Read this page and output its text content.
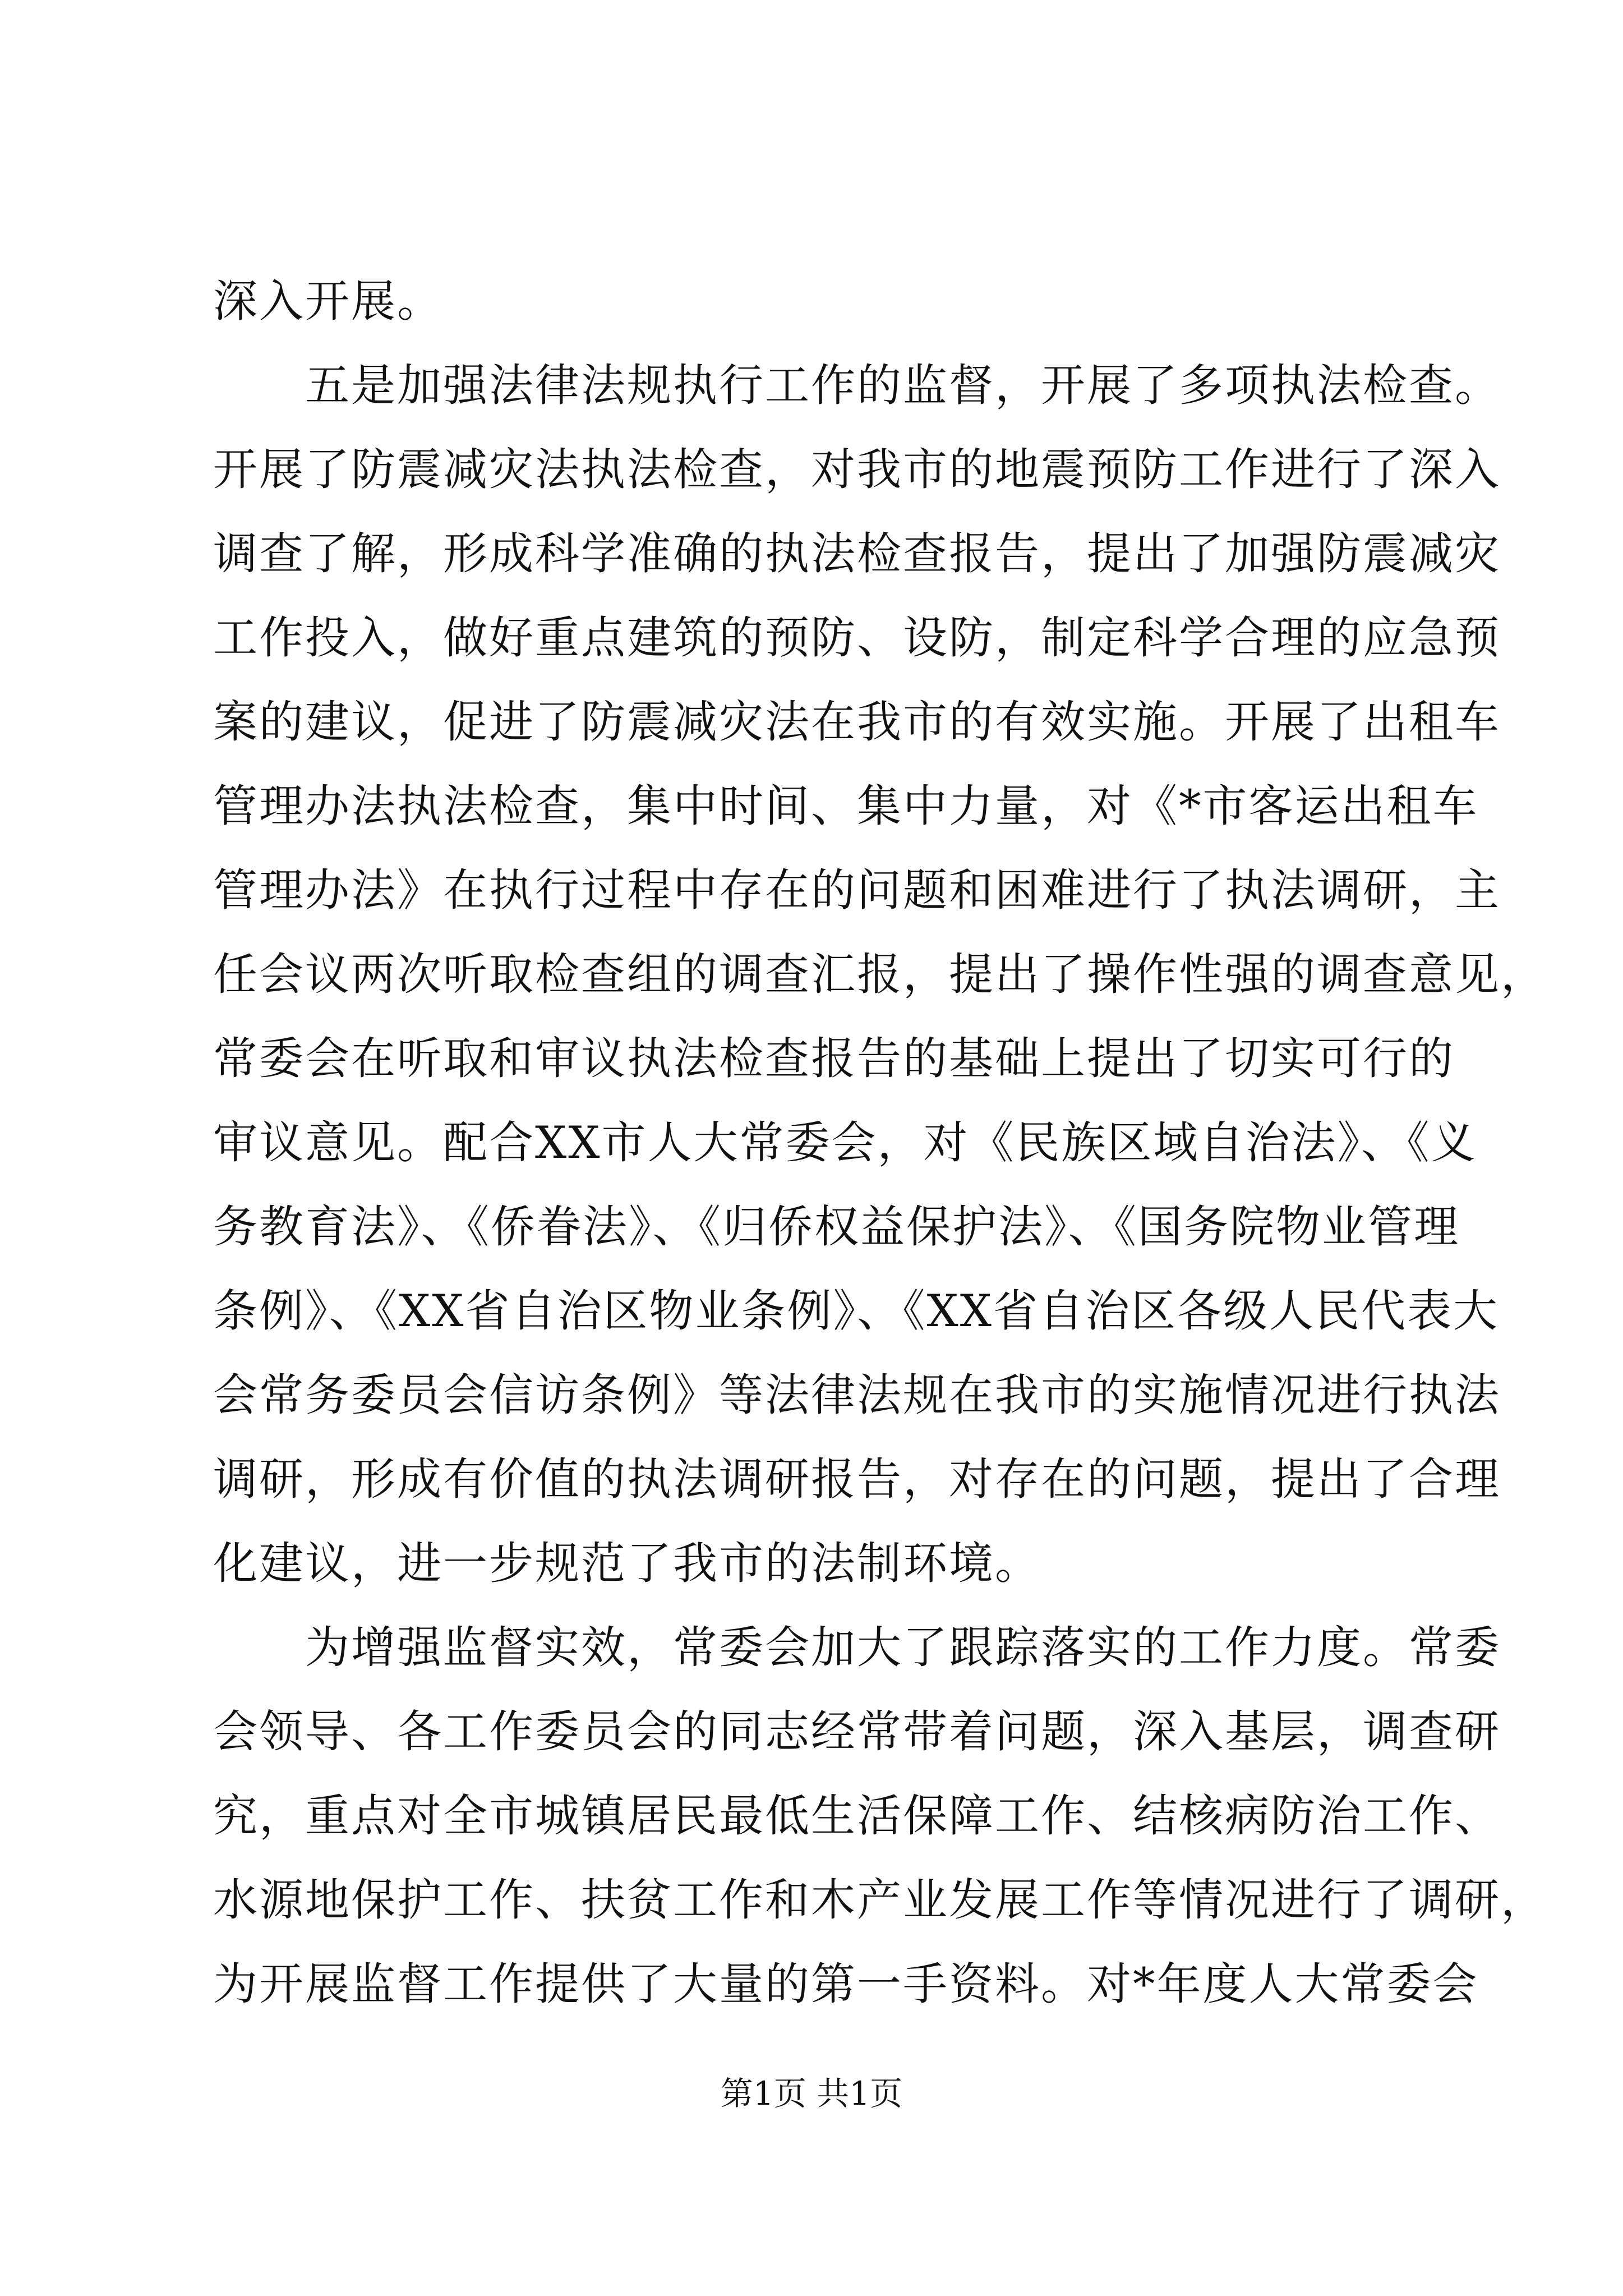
深入开展。
五是加强法律法规执行工作的监督，开展了多项执法检查。
开展了防震减灾法执法检查，对我市的地震预防工作进行了深入
调查了解，形成科学准确的执法检查报告，提出了加强防震减灾
工作投入，做好重点建筑的预防、设防，制定科学合理的应急预
案的建议，促进了防震减灾法在我市的有效实施。开展了出租车
管理办法执法检查，集中时间、集中力量，对《*市客运出租车
管理办法》在执行过程中存在的问题和困难进行了执法调研，主
任会议两次听取检查组的调查汇报，提出了操作性强的调查意见，
常委会在听取和审议执法检查报告的基础上提出了切实可行的
审议意见。配合XX市人大常委会，对《民族区域自治法》、《义
务教育法》、《侨眷法》、《归侨权益保护法》、《国务院物业管理
条例》、《XX省自治区物业条例》、《XX省自治区各级人民代表大
会常务委员会信访条例》等法律法规在我市的实施情况进行执法
调研，形成有价值的执法调研报告，对存在的问题，提出了合理
化建议，进一步规范了我市的法制环境。
为增强监督实效，常委会加大了跟踪落实的工作力度。常委
会领导、各工作委员会的同志经常带着问题，深入基层，调查研
究，重点对全市城镇居民最低生活保障工作、结核病防治工作、
水源地保护工作、扶贫工作和木产业发展工作等情况进行了调研，
为开展监督工作提供了大量的第一手资料。对*年度人大常委会
第1页 共1页
